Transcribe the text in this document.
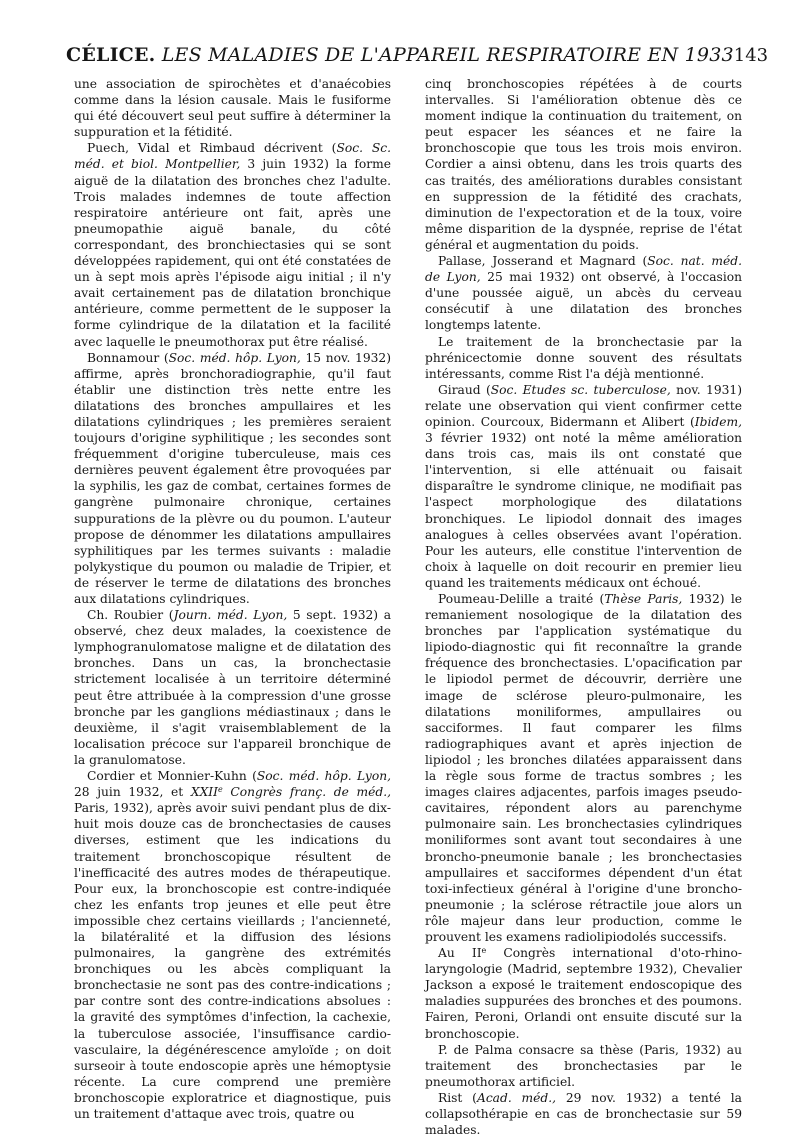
CÉLICE. LES MALADIES DE L'APPAREIL RESPIRATOIRE EN 1933 143

une association de spirochètes et d'anaécobies comme dans la lésion causale. Mais le fusiforme qui été découvert seul peut suffire à déterminer la suppuration et la fétidité.

Puech, Vidal et Rimbaud décrivent (Soc. Sc. méd. et biol. Montpellier, 3 juin 1932) la forme aiguë de la dilatation des bronches chez l'adulte. Trois malades indemnes de toute affection respiratoire antérieure ont fait, après une pneumopathie aiguë banale, du côté correspondant, des bronchiectasies qui se sont développées rapidement, qui ont été constatées de un à sept mois après l'épisode aigu initial ; il n'y avait certainement pas de dilatation bronchique antérieure, comme permettent de le supposer la forme cylindrique de la dilatation et la facilité avec laquelle le pneumothorax put être réalisé.

Bonnamour (Soc. méd. hôp. Lyon, 15 nov. 1932) affirme, après bronchoradiographie, qu'il faut établir une distinction très nette entre les dilatations des bronches ampullaires et les dilatations cylindriques ; les premières seraient toujours d'origine syphilitique ; les secondes sont fréquemment d'origine tuberculeuse, mais ces dernières peuvent également être provoquées par la syphilis, les gaz de combat, certaines formes de gangrène pulmonaire chronique, certaines suppurations de la plèvre ou du poumon. L'auteur propose de dénommer les dilatations ampullaires syphilitiques par les termes suivants : maladie polykystique du poumon ou maladie de Tripier, et de réserver le terme de dilatations des bronches aux dilatations cylindriques.

Ch. Roubier (Journ. méd. Lyon, 5 sept. 1932) a observé, chez deux malades, la coexistence de lymphogranulomatose maligne et de dilatation des bronches. Dans un cas, la bronchectasie strictement localisée à un territoire déterminé peut être attribuée à la compression d'une grosse bronche par les ganglions médiastinaux ; dans le deuxième, il s'agit vraisemblablement de la localisation précoce sur l'appareil bronchique de la granulomatose.

Cordier et Monnier-Kuhn (Soc. méd. hôp. Lyon, 28 juin 1932, et XXIIe Congrès franç. de méd., Paris, 1932), après avoir suivi pendant plus de dix-huit mois douze cas de bronchectasies de causes diverses, estiment que les indications du traitement bronchoscopique résultent de l'inefficacité des autres modes de thérapeutique. Pour eux, la bronchoscopie est contre-indiquée chez les enfants trop jeunes et elle peut être impossible chez certains vieillards ; l'ancienneté, la bilatéralité et la diffusion des lésions pulmonaires, la gangrène des extrémités bronchiques ou les abcès compliquant la bronchectasie ne sont pas des contre-indications ; par contre sont des contre-indications absolues : la gravité des symptômes d'infection, la cachexie, la tuberculose associée, l'insuffisance cardio-vasculaire, la dégénérescence amyloïde ; on doit surseoir à toute endoscopie après une hémoptysie récente. La cure comprend une première bronchoscopie exploratrice et diagnostique, puis un traitement d'attaque avec trois, quatre ou

cinq bronchoscopies répétées à de courts intervalles. Si l'amélioration obtenue dès ce moment indique la continuation du traitement, on peut espacer les séances et ne faire la bronchoscopie que tous les trois mois environ. Cordier a ainsi obtenu, dans les trois quarts des cas traités, des améliorations durables consistant en suppression de la fétidité des crachats, diminution de l'expectoration et de la toux, voire même disparition de la dyspnée, reprise de l'état général et augmentation du poids.

Pallase, Josserand et Magnard (Soc. nat. méd. de Lyon, 25 mai 1932) ont observé, à l'occasion d'une poussée aiguë, un abcès du cerveau consécutif à une dilatation des bronches longtemps latente.

Le traitement de la bronchectasie par la phrénicectomie donne souvent des résultats intéressants, comme Rist l'a déjà mentionné.

Giraud (Soc. Etudes sc. tuberculose, nov. 1931) relate une observation qui vient confirmer cette opinion. Courcoux, Bidermann et Alibert (Ibidem, 3 février 1932) ont noté la même amélioration dans trois cas, mais ils ont constaté que l'intervention, si elle atténuait ou faisait disparaître le syndrome clinique, ne modifiait pas l'aspect morphologique des dilatations bronchiques. Le lipiodol donnait des images analogues à celles observées avant l'opération. Pour les auteurs, elle constitue l'intervention de choix à laquelle on doit recourir en premier lieu quand les traitements médicaux ont échoué.

Poumeau-Delille a traité (Thèse Paris, 1932) le remaniement nosologique de la dilatation des bronches par l'application systématique du lipiodo-diagnostic qui fit reconnaître la grande fréquence des bronchectasies. L'opacification par le lipiodol permet de découvrir, derrière une image de sclérose pleuro-pulmonaire, les dilatations moniliformes, ampullaires ou sacciformes. Il faut comparer les films radiographiques avant et après injection de lipiodol ; les bronches dilatées apparaissent dans la règle sous forme de tractus sombres ; les images claires adjacentes, parfois images pseudo-cavitaires, répondent alors au parenchyme pulmonaire sain. Les bronchectasies cylindriques moniliformes sont avant tout secondaires à une broncho-pneumonie banale ; les bronchectasies ampullaires et sacciformes dépendent d'un état toxi-infectieux général à l'origine d'une broncho-pneumonie ; la sclérose rétractile joue alors un rôle majeur dans leur production, comme le prouvent les examens radiolipiodolés successifs.

Au IIe Congrès international d'oto-rhino-laryngologie (Madrid, septembre 1932), Chevalier Jackson a exposé le traitement endoscopique des maladies suppurées des bronches et des poumons. Fairen, Peroni, Orlandi ont ensuite discuté sur la bronchoscopie.

P. de Palma consacre sa thèse (Paris, 1932) au traitement des bronchectasies par le pneumothorax artificiel.

Rist (Acad. méd., 29 nov. 1932) a tenté la collapsothérapie en cas de bronchectasie sur 59 malades.
